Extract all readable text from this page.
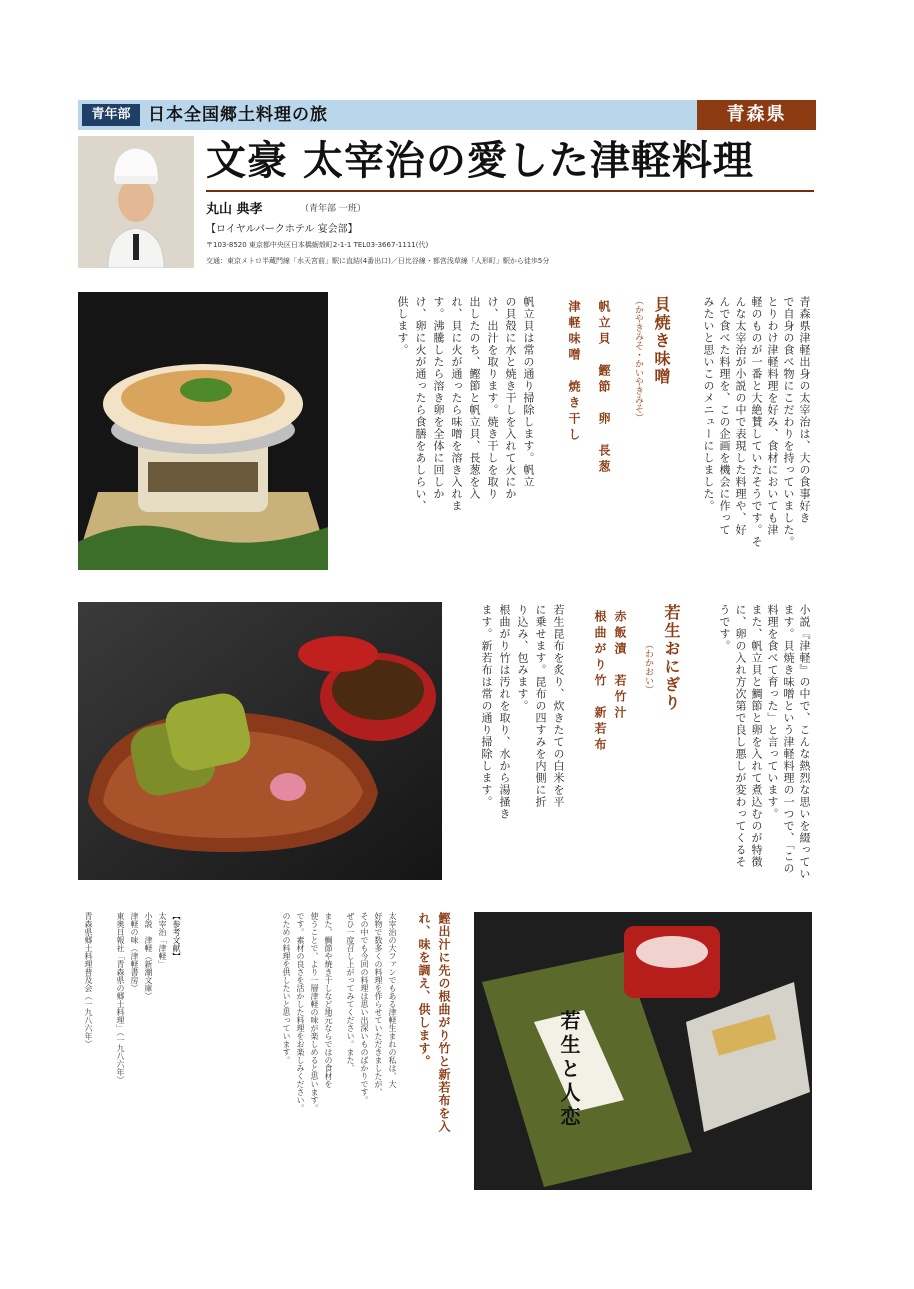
青年部	日本全国郷土料理の旅	青森県
文豪 太宰治の愛した津軽料理
丸山 典孝	（青年部 一班）
【ロイヤルパークホテル 宴会部】
〒103-8520 東京都中央区日本橋蛎殻町2-1-1 TEL03-3667-1111(代)
交通：東京メトロ半蔵門線「水天宮前」駅に直結(4番出口)／日比谷線・都営浅草線「人形町」駅から徒歩5分
若生と人恋
青森県津軽出身の太宰治は、大の食事好き
で自身の食べ物にこだわりを持っていました。
とりわけ津軽料理を好み、食材においても津
軽のものが一番と大絶賛していたそうです。そ
んな太宰治が小説の中で表現した料理や、好
んで食べた料理を、この企画を機会に作って
みたいと思いこのメニューにしました。
貝焼き味噌
（かやきみそ・かいやきみそ）
帆立貝　鰹節　卵　長葱
津軽味噌　焼き干し
帆立貝は常の通り掃除します。帆立
の貝殻に水と焼き干しを入れて火にか
け、出汁を取ります。焼き干しを取り
出したのち、鰹節と帆立貝、長葱を入
れ、貝に火が通ったら味噌を溶き入れま
す。沸騰したら溶き卵を全体に回しか
け、卵に火が通ったら食膳をあしらい、
供します。
小説『津軽』の中で、こんな熱烈な思いを綴ってい
ます。貝焼き味噌という津軽料理の一つで、「この
料理を食べて育った」と言っています。
また、帆立貝と鯛節と卵を入れて煮込むのが特徴
に、卵の入れ方次第で良し悪しが変わってくるそ
うです。
若生おにぎり
（わかおい）
赤飯漬　若竹汁
根曲がり竹　新若布
若生昆布を炙り、炊きたての白米を平
に乗せます。昆布の四すみを内側に折
り込み、包みます。
根曲がり竹は汚れを取り、水から湯掻き
ます。新若布は常の通り掃除します。
鰹出汁に先の根曲がり竹と新若布を入
れ、味を調え、供します。
太宰治の大ファンでもある津軽生まれの私は、大
好物で数多くの料理を作らせていただきましたが、
その中でも今回の料理は思い出深いものばかりです。
ぜひ一度召し上がってみてください。また、
また、鯛節や焼き干しなど地元ならではの食材を
使うことで、より一層津軽の味が楽しめると思います。
です。素材の良さを活かした料理をお楽しみください。
のための料理を供したいと思っています。
【参考文献】
太宰治「津軽」
小説　津軽（新潮文庫）
津軽の味（津軽書房）
東奥日報社「青森県の郷土料理」（一九八六年）
青森県郷土料理普及会（一九八六年）
